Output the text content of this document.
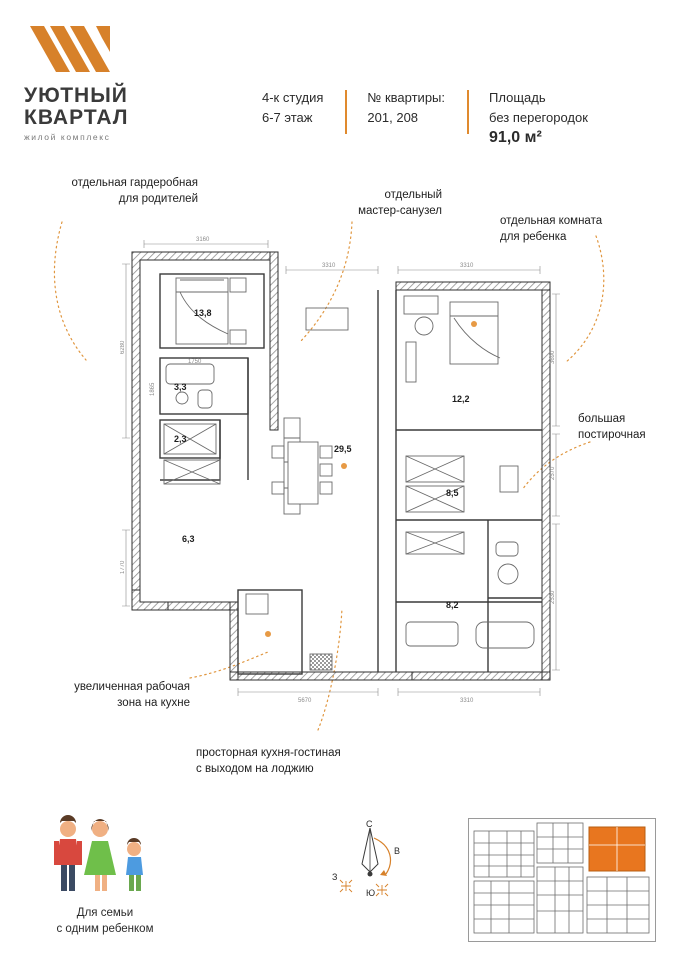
УЮТНЫЙ
КВАРТАЛ
жилой комплекс
4-к студия
6-7 этаж
№ квартиры:
201, 208
Площадь
без перегородок
91,0 м²
отдельная гардеробная
для родителей	отдельный
мастер-санузел
отдельная комната
для ребенка
большая
постирочная
увеличенная рабочая
зона на кухне
просторная кухня-гостиная
с выходом на лоджию
13,8
3,3
2,3
6,3
29,5
12,2
8,5
8,2
3160
3310	3310
6280
1770
3690
2570
2530
5670	3310
1750
1865
Для семьи
с одним ребенком
С
Ю
З
В
